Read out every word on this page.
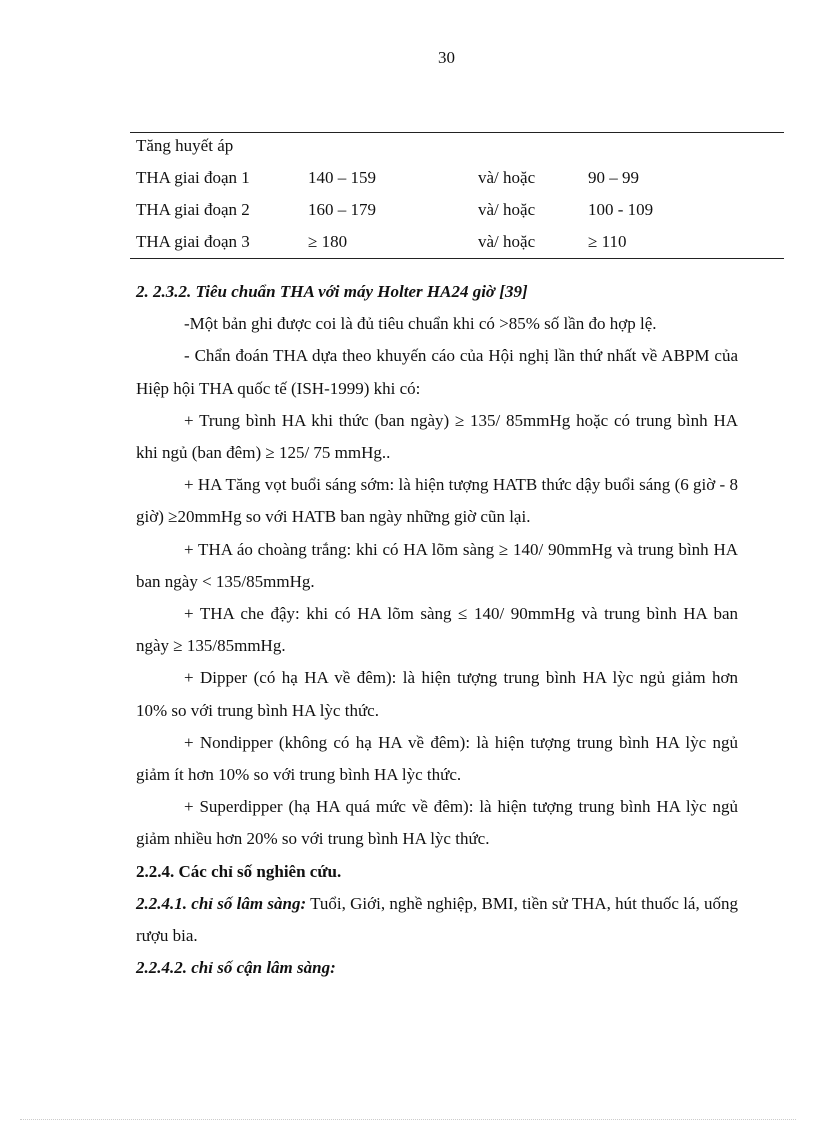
30
Tăng huyết áp			
THA giai đoạn 1	140 – 159	và/ hoặc	90 – 99
THA giai đoạn 2	160 – 179	và/ hoặc	100 - 109
THA giai đoạn 3	≥ 180	và/ hoặc	≥ 110

2. 2.3.2. Tiêu chuẩn THA với máy Holter HA24 giờ [39]

-Một bản ghi được coi là đủ tiêu chuẩn khi có >85% số lần đo hợp lệ.

- Chẩn đoán THA dựa theo khuyến cáo của Hội nghị lần thứ nhất về ABPM của Hiệp hội THA quốc tế (ISH-1999) khi có:

+ Trung bình HA khi thức (ban ngày) ≥ 135/ 85mmHg hoặc có trung bình HA khi ngủ (ban đêm) ≥ 125/ 75 mmHg..

+ HA Tăng vọt buổi sáng sớm: là hiện tượng HATB thức dậy buổi sáng (6 giờ - 8 giờ) ≥20mmHg so với HATB ban ngày những giờ cũn lại.

+ THA áo choàng trắng: khi có HA lõm sàng ≥ 140/ 90mmHg và trung bình HA ban ngày < 135/85mmHg.

+ THA che đậy: khi có HA lõm sàng ≤ 140/ 90mmHg và trung bình HA ban ngày ≥ 135/85mmHg.

+ Dipper (có hạ HA về đêm): là hiện tượng trung bình HA lỳc ngủ giảm hơn 10% so với trung bình HA lỳc thức.

+ Nondipper (không có hạ HA về đêm): là hiện tượng trung bình HA lỳc ngủ giảm ít hơn 10% so với trung bình HA lỳc thức.

+ Superdipper (hạ HA quá mức về đêm): là hiện tượng trung bình HA lỳc ngủ giảm nhiều hơn 20% so với trung bình HA lỳc thức.

2.2.4. Các chỉ số nghiên cứu.

2.2.4.1. chỉ số lâm sàng: Tuổi, Giới, nghề nghiệp, BMI, tiền sử THA, hút thuốc lá, uống rượu bia.

2.2.4.2. chỉ số cận lâm sàng:
